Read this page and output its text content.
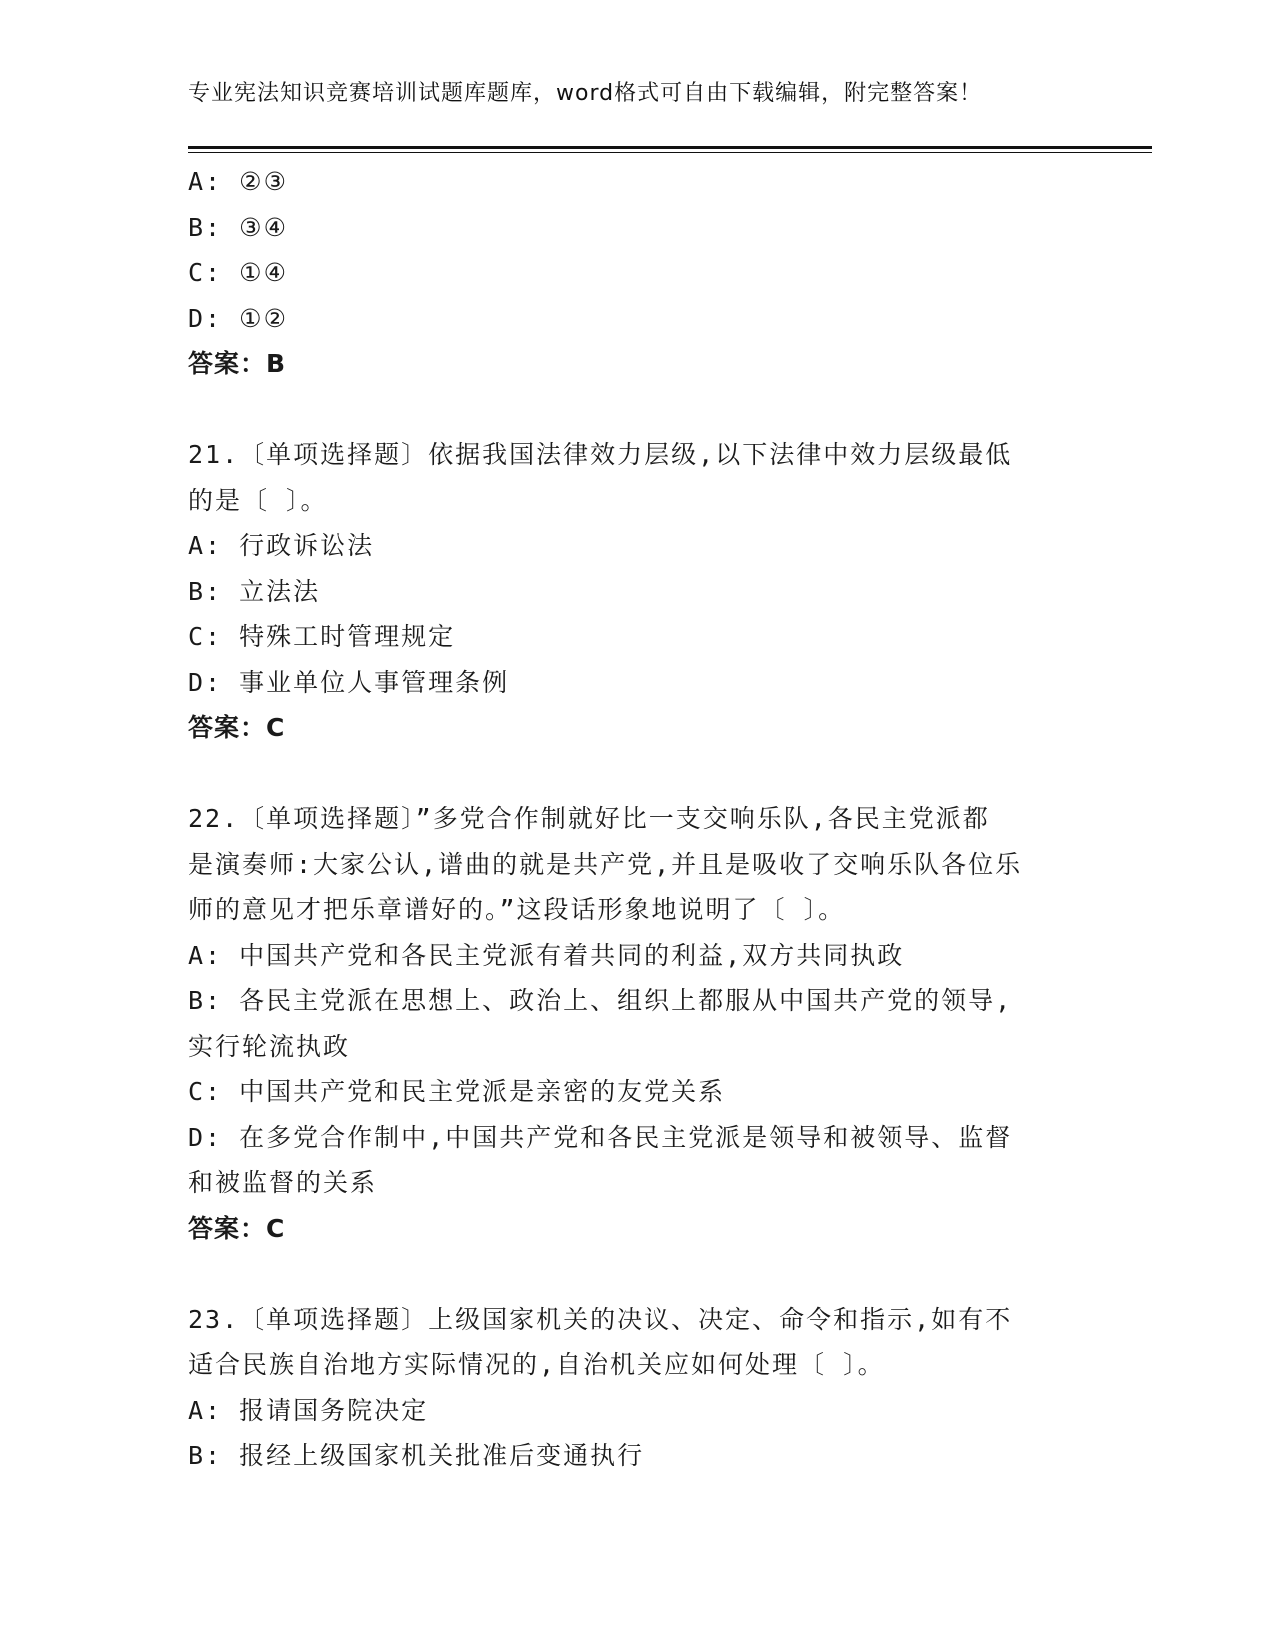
专业宪法知识竞赛培训试题库题库，word格式可自由下载编辑，附完整答案！
A: ②③
B: ③④
C: ①④
D: ①②
答案：B
21.〔单项选择题〕依据我国法律效力层级,以下法律中效力层级最低
的是〔 〕。
A: 行政诉讼法
B: 立法法
C: 特殊工时管理规定
D: 事业单位人事管理条例
答案：C
22.〔单项选择题〕”多党合作制就好比一支交响乐队,各民主党派都
是演奏师:大家公认,谱曲的就是共产党,并且是吸收了交响乐队各位乐
师的意见才把乐章谱好的。”这段话形象地说明了〔 〕。
A: 中国共产党和各民主党派有着共同的利益,双方共同执政
B: 各民主党派在思想上、政治上、组织上都服从中国共产党的领导,
实行轮流执政
C: 中国共产党和民主党派是亲密的友党关系
D: 在多党合作制中,中国共产党和各民主党派是领导和被领导、监督
和被监督的关系
答案：C
23.〔单项选择题〕上级国家机关的决议、决定、命令和指示,如有不
适合民族自治地方实际情况的,自治机关应如何处理〔 〕。
A: 报请国务院决定
B: 报经上级国家机关批准后变通执行
